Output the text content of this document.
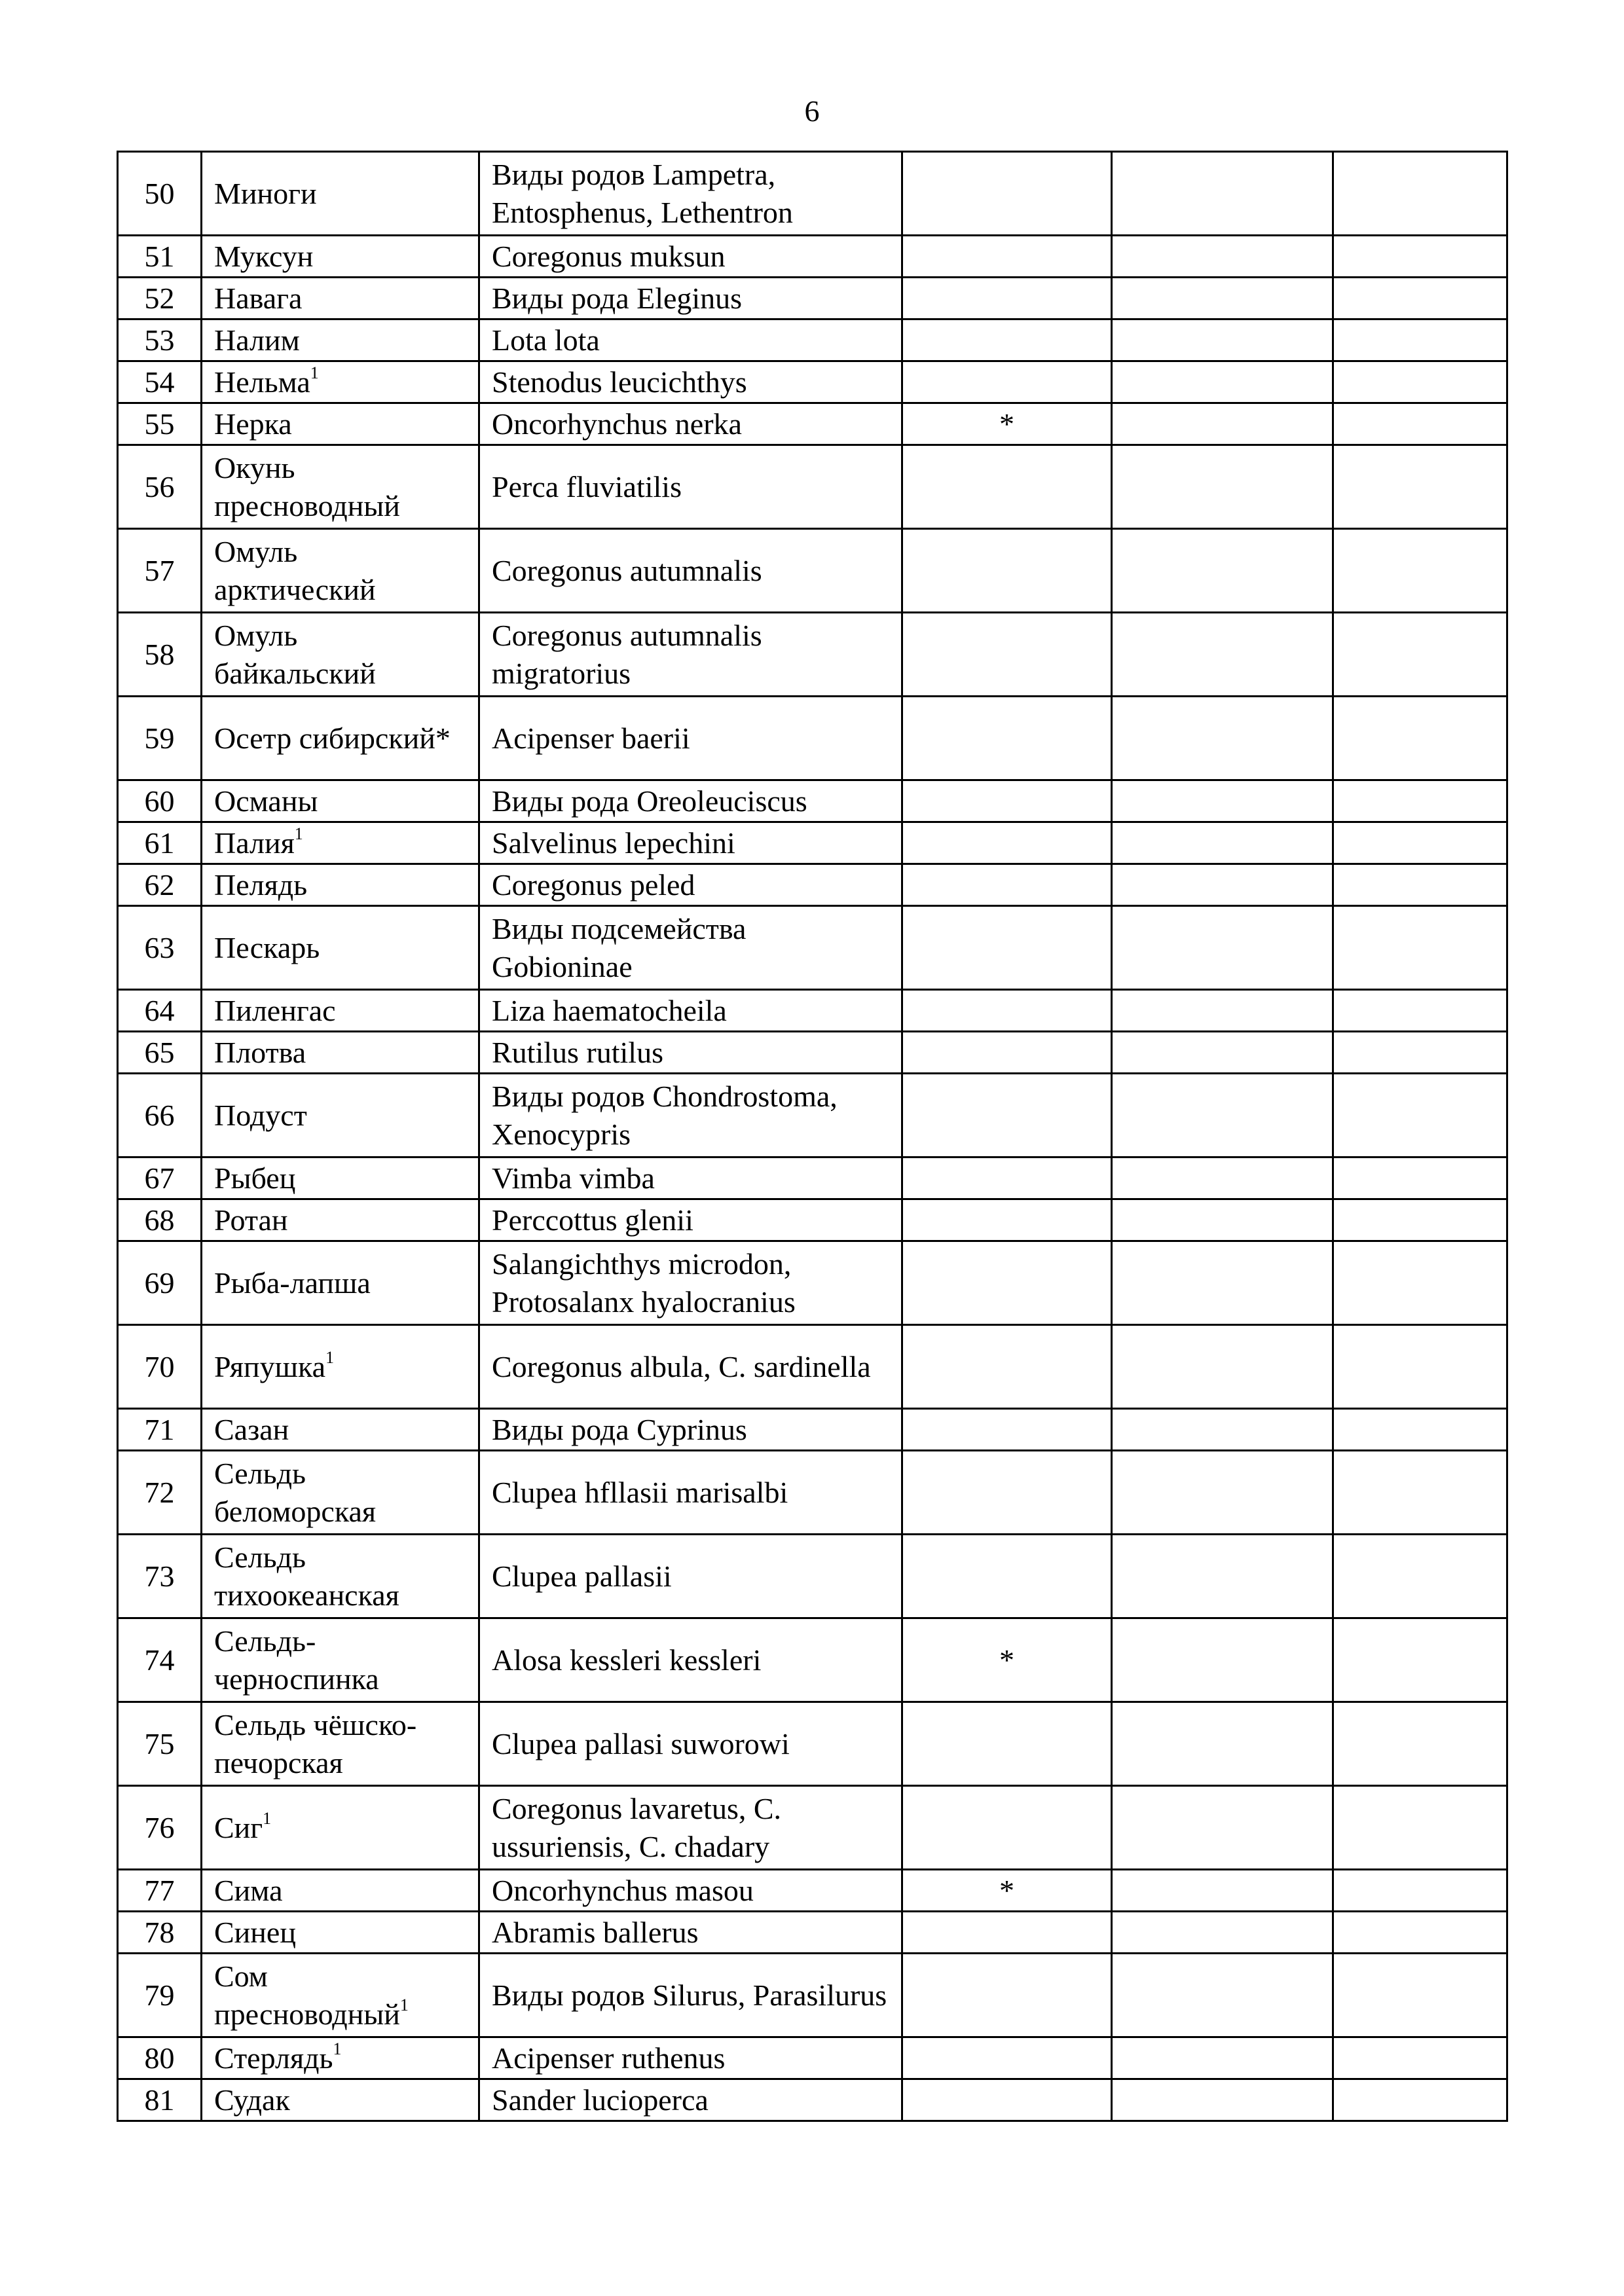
6
50	Миноги	Виды родов Lampetra, Entosphenus, Lethentron			
51	Муксун	Coregonus muksun			
52	Навага	Виды рода Eleginus			
53	Налим	Lota lota			
54	Нельма$^1$	Stenodus leucichthys			
55	Нерка	Oncorhynchus nerka	*		
56	Окунь пресноводный	Perca fluviatilis			
57	Омуль арктический	Coregonus autumnalis			
58	Омуль байкальский	Coregonus autumnalis migratorius			
59	Осетр сибирский*	Acipenser baerii			
60	Османы	Виды рода Oreoleuciscus			
61	Палия$^1$	Salvelinus lepechini			
62	Пелядь	Coregonus peled			
63	Пескарь	Виды подсемейства Gobioninae			
64	Пиленгас	Liza haematocheila			
65	Плотва	Rutilus rutilus			
66	Подуст	Виды родов Chondrostoma, Xenocypris			
67	Рыбец	Vimba vimba			
68	Ротан	Perccottus glenii			
69	Рыба-лапша	Salangichthys microdon, Protosalanx hyalocranius			
70	Ряпушка$^1$	Coregonus albula, C. sardinella			
71	Сазан	Виды рода Cyprinus			
72	Сельдь беломорская	Clupea hfllasii marisalbi			
73	Сельдь тихоокеанская	Clupea pallasii			
74	Сельдь-черноспинка	Alosa kessleri kessleri	*		
75	Сельдь чёшско-печорская	Clupea pallasi suworowi			
76	Сиг$^1$	Coregonus lavaretus, C. ussuriensis, C. chadary			
77	Сима	Oncorhynchus masou	*		
78	Синец	Abramis ballerus			
79	Сом пресноводный$^1$	Виды родов Silurus, Parasilurus			
80	Стерлядь$^1$	Acipenser ruthenus			
81	Судак	Sander lucioperca			
